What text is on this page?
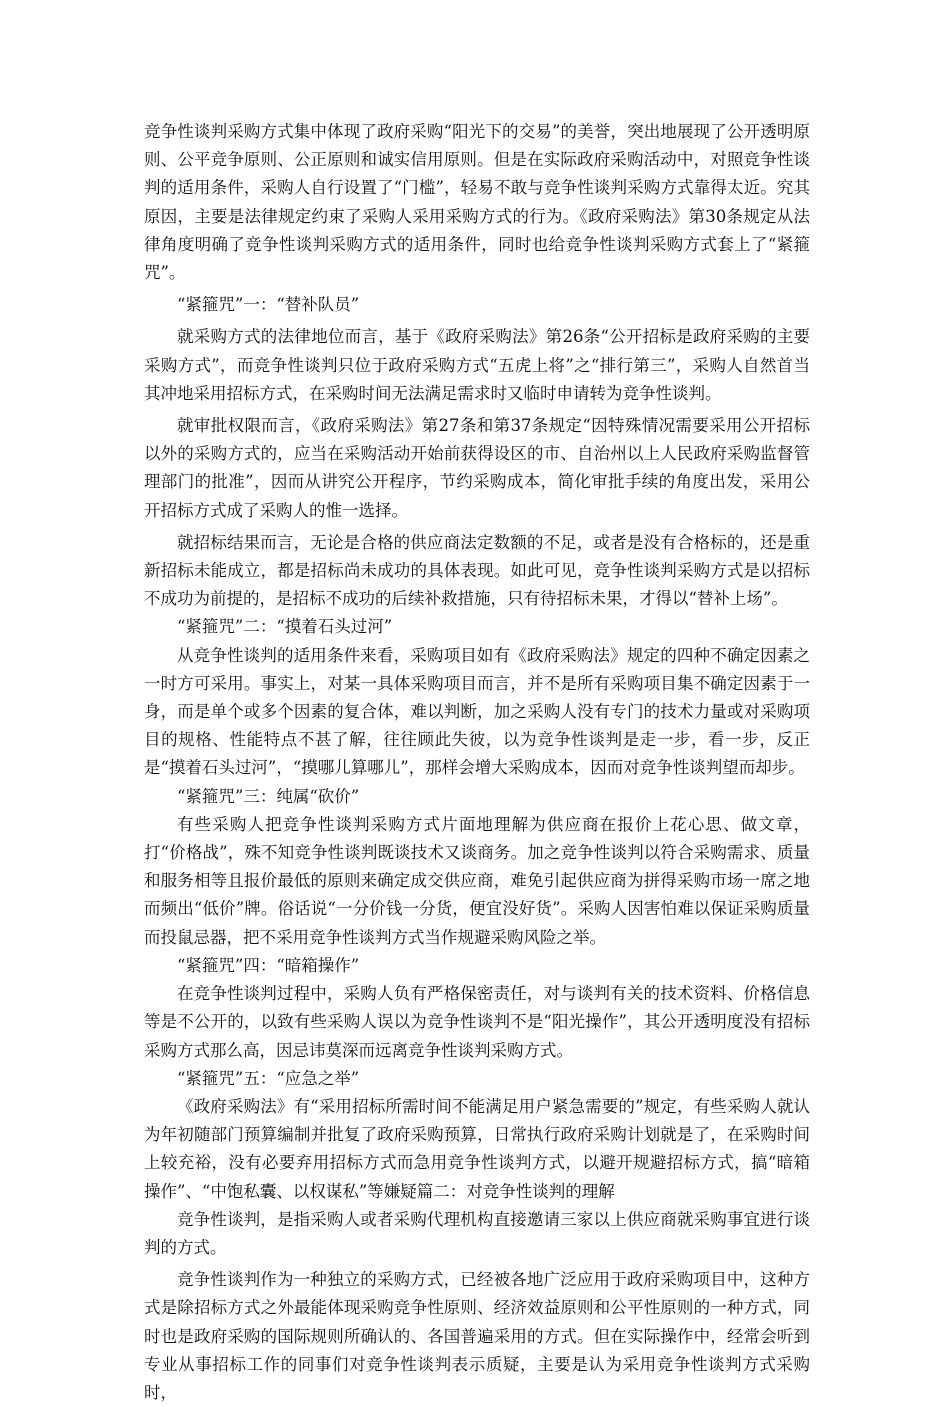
竞争性谈判采购方式集中体现了政府采购“阳光下的交易”的美誉，突出地展现了公开透明原则、公平竞争原则、公正原则和诚实信用原则。但是在实际政府采购活动中，对照竞争性谈判的适用条件，采购人自行设置了“门槛”，轻易不敢与竞争性谈判采购方式靠得太近。究其原因，主要是法律规定约束了采购人采用采购方式的行为。《政府采购法》第30条规定从法律角度明确了竞争性谈判采购方式的适用条件，同时也给竞争性谈判采购方式套上了“紧箍咒”。

“紧箍咒”一：“替补队员”

就采购方式的法律地位而言，基于《政府采购法》第26条“公开招标是政府采购的主要采购方式”，而竞争性谈判只位于政府采购方式“五虎上将”之“排行第三”，采购人自然首当其冲地采用招标方式，在采购时间无法满足需求时又临时申请转为竞争性谈判。

就审批权限而言，《政府采购法》第27条和第37条规定“因特殊情况需要采用公开招标以外的采购方式的，应当在采购活动开始前获得设区的市、自治州以上人民政府采购监督管理部门的批准”，因而从讲究公开程序，节约采购成本，简化审批手续的角度出发，采用公开招标方式成了采购人的惟一选择。

就招标结果而言，无论是合格的供应商法定数额的不足，或者是没有合格标的，还是重新招标未能成立，都是招标尚未成功的具体表现。如此可见，竞争性谈判采购方式是以招标不成功为前提的，是招标不成功的后续补救措施，只有待招标未果，才得以“替补上场”。

“紧箍咒”二：“摸着石头过河”

从竞争性谈判的适用条件来看，采购项目如有《政府采购法》规定的四种不确定因素之一时方可采用。事实上，对某一具体采购项目而言，并不是所有采购项目集不确定因素于一身，而是单个或多个因素的复合体，难以判断，加之采购人没有专门的技术力量或对采购项目的规格、性能特点不甚了解，往往顾此失彼，以为竞争性谈判是走一步，看一步，反正是“摸着石头过河”，“摸哪儿算哪儿”，那样会增大采购成本，因而对竞争性谈判望而却步。

“紧箍咒”三：纯属“砍价”

有些采购人把竞争性谈判采购方式片面地理解为供应商在报价上花心思、做文章，打“价格战”，殊不知竞争性谈判既谈技术又谈商务。加之竞争性谈判以符合采购需求、质量和服务相等且报价最低的原则来确定成交供应商，难免引起供应商为拼得采购市场一席之地而频出“低价”牌。俗话说“一分价钱一分货，便宜没好货”。采购人因害怕难以保证采购质量而投鼠忌器，把不采用竞争性谈判方式当作规避采购风险之举。

“紧箍咒”四：“暗箱操作”

在竞争性谈判过程中，采购人负有严格保密责任，对与谈判有关的技术资料、价格信息等是不公开的，以致有些采购人误以为竞争性谈判不是“阳光操作”，其公开透明度没有招标采购方式那么高，因忌讳莫深而远离竞争性谈判采购方式。

“紧箍咒”五：“应急之举”

《政府采购法》有“采用招标所需时间不能满足用户紧急需要的”规定，有些采购人就认为年初随部门预算编制并批复了政府采购预算，日常执行政府采购计划就是了，在采购时间上较充裕，没有必要弃用招标方式而急用竞争性谈判方式，以避开规避招标方式，搞“暗箱操作”、“中饱私囊、以权谋私”等嫌疑篇二：对竞争性谈判的理解

竞争性谈判，是指采购人或者采购代理机构直接邀请三家以上供应商就采购事宜进行谈判的方式。

竞争性谈判作为一种独立的采购方式，已经被各地广泛应用于政府采购项目中，这种方式是除招标方式之外最能体现采购竞争性原则、经济效益原则和公平性原则的一种方式，同时也是政府采购的国际规则所确认的、各国普遍采用的方式。但在实际操作中，经常会听到专业从事招标工作的同事们对竞争性谈判表示质疑，主要是认为采用竞争性谈判方式采购时，
